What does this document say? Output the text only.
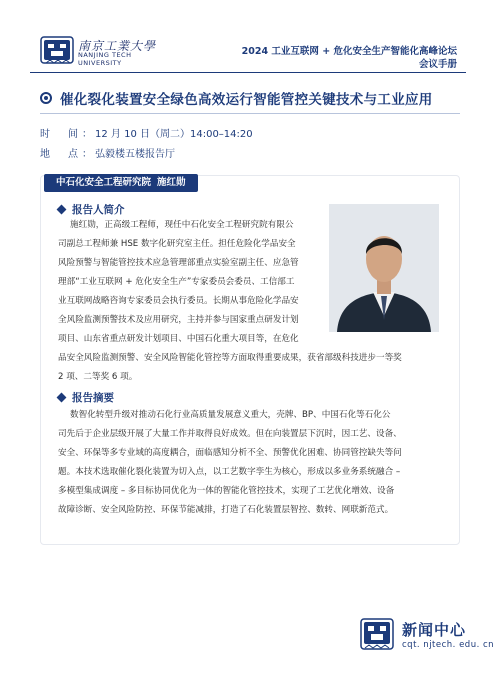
南京工業大學
NANJING TECH
UNIVERSITY
2024 工业互联网 + 危化安全生产智能化高峰论坛
会议手册
催化裂化装置安全绿色高效运行智能管控关键技术与工业应用
时　间：12 月 10 日（周二）14:00–14:20
地　点：弘毅楼五楼报告厅
中石化安全工程研究院 施红勋
报告人简介
施红勋，正高级工程师，现任中石化安全工程研究院有限公
司副总工程师兼 HSE 数字化研究室主任。担任危险化学品安全
风险预警与智能管控技术应急管理部重点实验室副主任、应急管
理部“工业互联网 + 危化安全生产”专家委员会委员、工信部工
业互联网战略咨询专家委员会执行委员。长期从事危险化学品安
全风险监测预警技术及应用研究，主持并参与国家重点研发计划
项目、山东省重点研发计划项目、中国石化重大项目等，在危化
品安全风险监测预警、安全风险智能化管控等方面取得重要成果，获省部级科技进步一等奖
2 项、二等奖 6 项。
报告摘要
数智化转型升级对推动石化行业高质量发展意义重大，壳牌、BP、中国石化等石化公
司先后于企业层级开展了大量工作并取得良好成效。但在向装置层下沉时，因工艺、设备、
安全、环保等多专业域的高度耦合，面临感知分析不全、预警优化困难、协同管控缺失等问
题。本技术选取催化裂化装置为切入点，以工艺数字孪生为核心，形成以多业务系统融合 –
多模型集成调度 – 多目标协同优化为一体的智能化管控技术，实现了工艺优化增效、设备
故障诊断、安全风险防控、环保节能减排，打造了石化装置层智控、数转、网联新范式。
新闻中心
cqt. njtech. edu. cn
